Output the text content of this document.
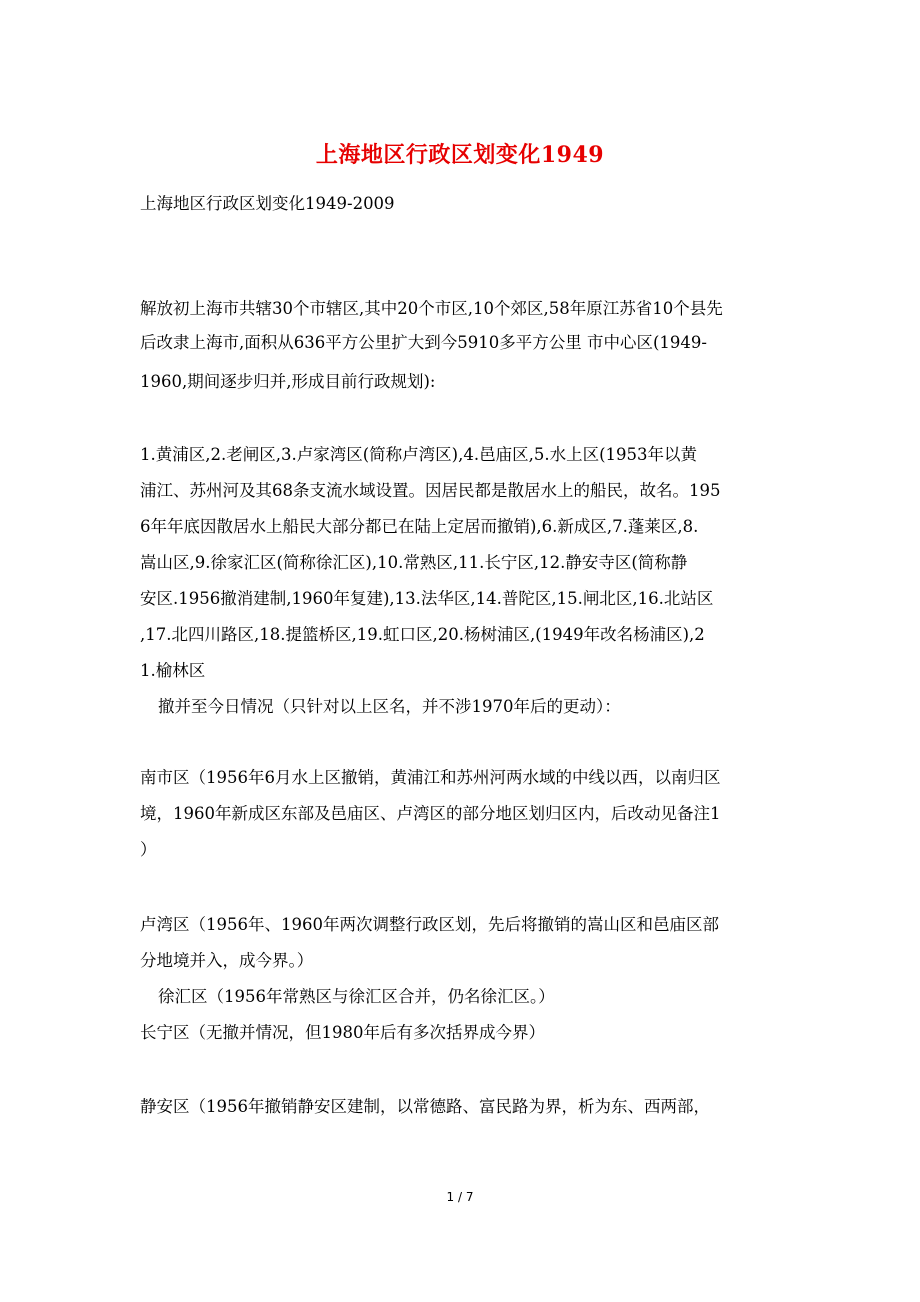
上海地区行政区划变化1949
上海地区行政区划变化1949-2009
解放初上海市共辖30个市辖区,其中20个市区,10个郊区,58年原江苏省10个县先
后改隶上海市,面积从636平方公里扩大到今5910多平方公里 市中心区(1949-
1960,期间逐步归并,形成目前行政规划):
1.黄浦区,2.老闸区,3.卢家湾区(简称卢湾区),4.邑庙区,5.水上区(1953年以黄
浦江、苏州河及其68条支流水域设置。因居民都是散居水上的船民，故名。195
6年年底因散居水上船民大部分都已在陆上定居而撤销),6.新成区,7.蓬莱区,8.
嵩山区,9.徐家汇区(简称徐汇区),10.常熟区,11.长宁区,12.静安寺区(简称静
安区.1956撤消建制,1960年复建),13.法华区,14.普陀区,15.闸北区,16.北站区
,17.北四川路区,18.提篮桥区,19.虹口区,20.杨树浦区,(1949年改名杨浦区),2
1.榆林区
撤并至今日情况（只针对以上区名，并不涉1970年后的更动）：
南市区（1956年6月水上区撤销，黄浦江和苏州河两水域的中线以西，以南归区
境，1960年新成区东部及邑庙区、卢湾区的部分地区划归区内，后改动见备注1
）
卢湾区（1956年、1960年两次调整行政区划，先后将撤销的嵩山区和邑庙区部
分地境并入，成今界。）
徐汇区（1956年常熟区与徐汇区合并，仍名徐汇区。）
长宁区（无撤并情况，但1980年后有多次括界成今界）
静安区（1956年撤销静安区建制，以常德路、富民路为界，析为东、西两部，
1 / 7
